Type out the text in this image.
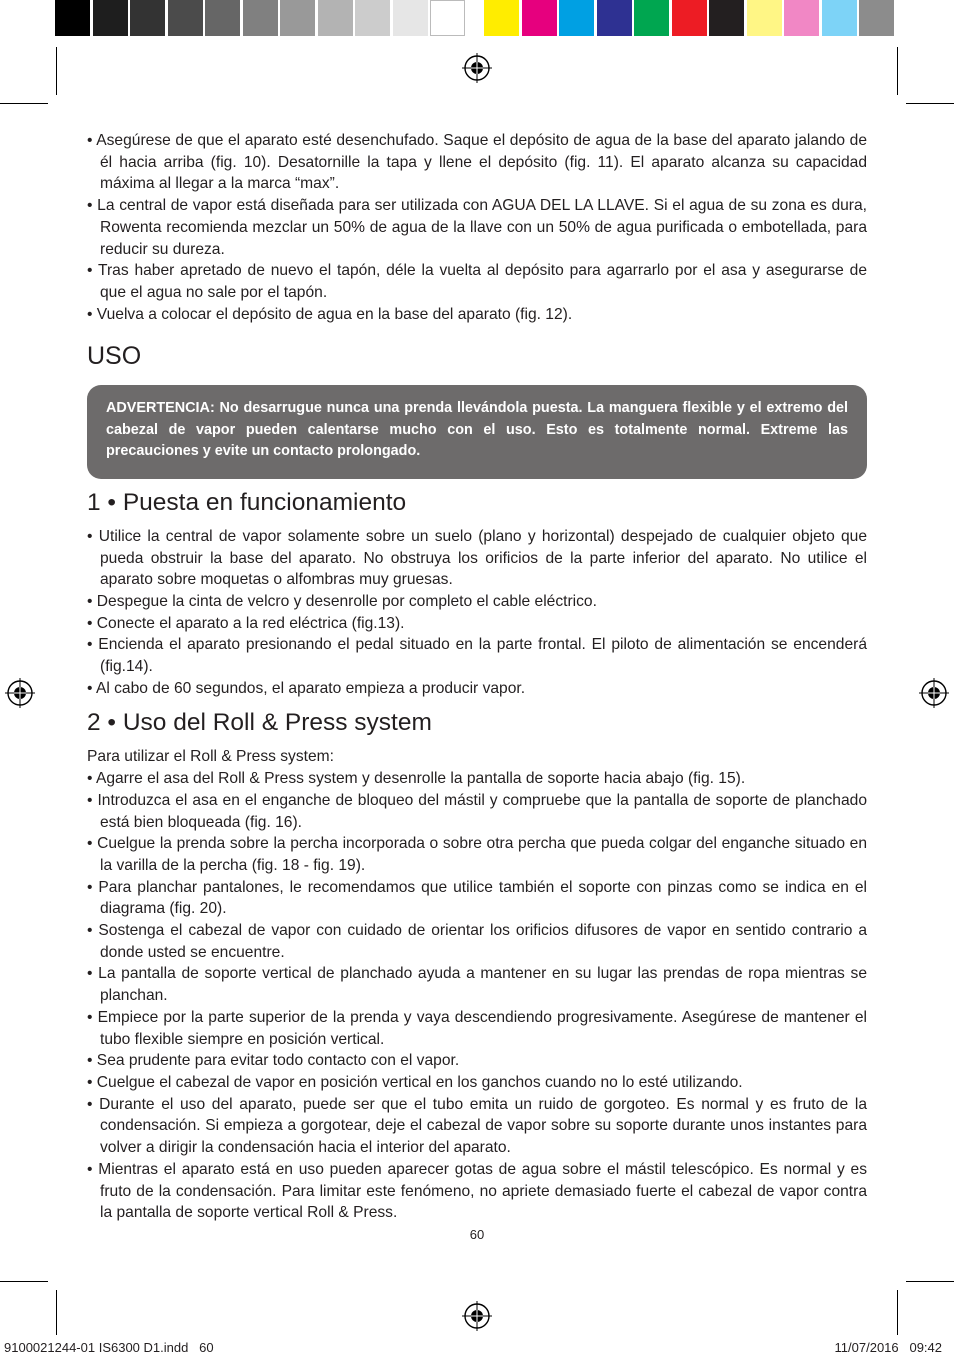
• Asegúrese de que el aparato esté desenchufado. Saque el depósito de agua de la base del aparato jalando de él hacia arriba (fig. 10). Desatornille la tapa y llene el depósito (fig. 11). El aparato alcanza su capacidad máxima al llegar a la marca “max”.
• La central de vapor está diseñada para ser utilizada con AGUA DEL LA LLAVE. Si el agua de su zona es dura, Rowenta recomienda mezclar un 50% de agua de la llave con un 50% de agua purificada o embotellada, para reducir su dureza.
• Tras haber apretado de nuevo el tapón, déle la vuelta al depósito para agarrarlo por el asa y asegurarse de que el agua no sale por el tapón.
• Vuelva a colocar el depósito de agua en la base del aparato (fig. 12).
USO
ADVERTENCIA: No desarrugue nunca una prenda llevándola puesta. La manguera flexible y el extremo del cabezal de vapor pueden calentarse mucho con el uso. Esto es totalmente normal. Extreme las precauciones y evite un contacto prolongado.
1 • Puesta en funcionamiento
• Utilice la central de vapor solamente sobre un suelo (plano y horizontal) despejado de cualquier objeto que pueda obstruir la base del aparato. No obstruya los orificios de la parte inferior del aparato. No utilice el aparato sobre moquetas o alfombras muy gruesas.
• Despegue la cinta de velcro y desenrolle por completo el cable eléctrico.
• Conecte el aparato a la red eléctrica (fig.13).
• Encienda el aparato presionando el pedal situado en la parte frontal. El piloto de alimentación se encenderá (fig.14).
• Al cabo de 60 segundos, el aparato empieza a producir vapor.
2 • Uso del Roll & Press system

Para utilizar el Roll & Press system:

• Agarre el asa del Roll & Press system y desenrolle la pantalla de soporte hacia abajo (fig. 15).
• Introduzca el asa en el enganche de bloqueo del mástil y compruebe que la pantalla de soporte de planchado está bien bloqueada (fig. 16).
• Cuelgue la prenda sobre la percha incorporada o sobre otra percha que pueda colgar del enganche situado en la varilla de la percha (fig. 18 - fig. 19).
• Para planchar pantalones, le recomendamos que utilice también el soporte con pinzas como se indica en el diagrama (fig. 20).
• Sostenga el cabezal de vapor con cuidado de orientar los orificios difusores de vapor en sentido contrario a donde usted se encuentre.
• La pantalla de soporte vertical de planchado ayuda a mantener en su lugar las prendas de ropa mientras se planchan.
• Empiece por la parte superior de la prenda y vaya descendiendo progresivamente. Asegúrese de mantener el tubo flexible siempre en posición vertical.
• Sea prudente para evitar todo contacto con el vapor.
• Cuelgue el cabezal de vapor en posición vertical en los ganchos cuando no lo esté utilizando.
• Durante el uso del aparato, puede ser que el tubo emita un ruido de gorgoteo. Es normal y es fruto de la condensación. Si empieza a gorgotear, deje el cabezal de vapor sobre su soporte durante unos instantes para volver a dirigir la condensación hacia el interior del aparato.
• Mientras el aparato está en uso pueden aparecer gotas de agua sobre el mástil telescópico. Es normal y es fruto de la condensación. Para limitar este fenómeno, no apriete demasiado fuerte el cabezal de vapor contra la pantalla de soporte vertical Roll & Press.
60
9100021244-01 IS6300 D1.indd   60	11/07/2016   09:42
